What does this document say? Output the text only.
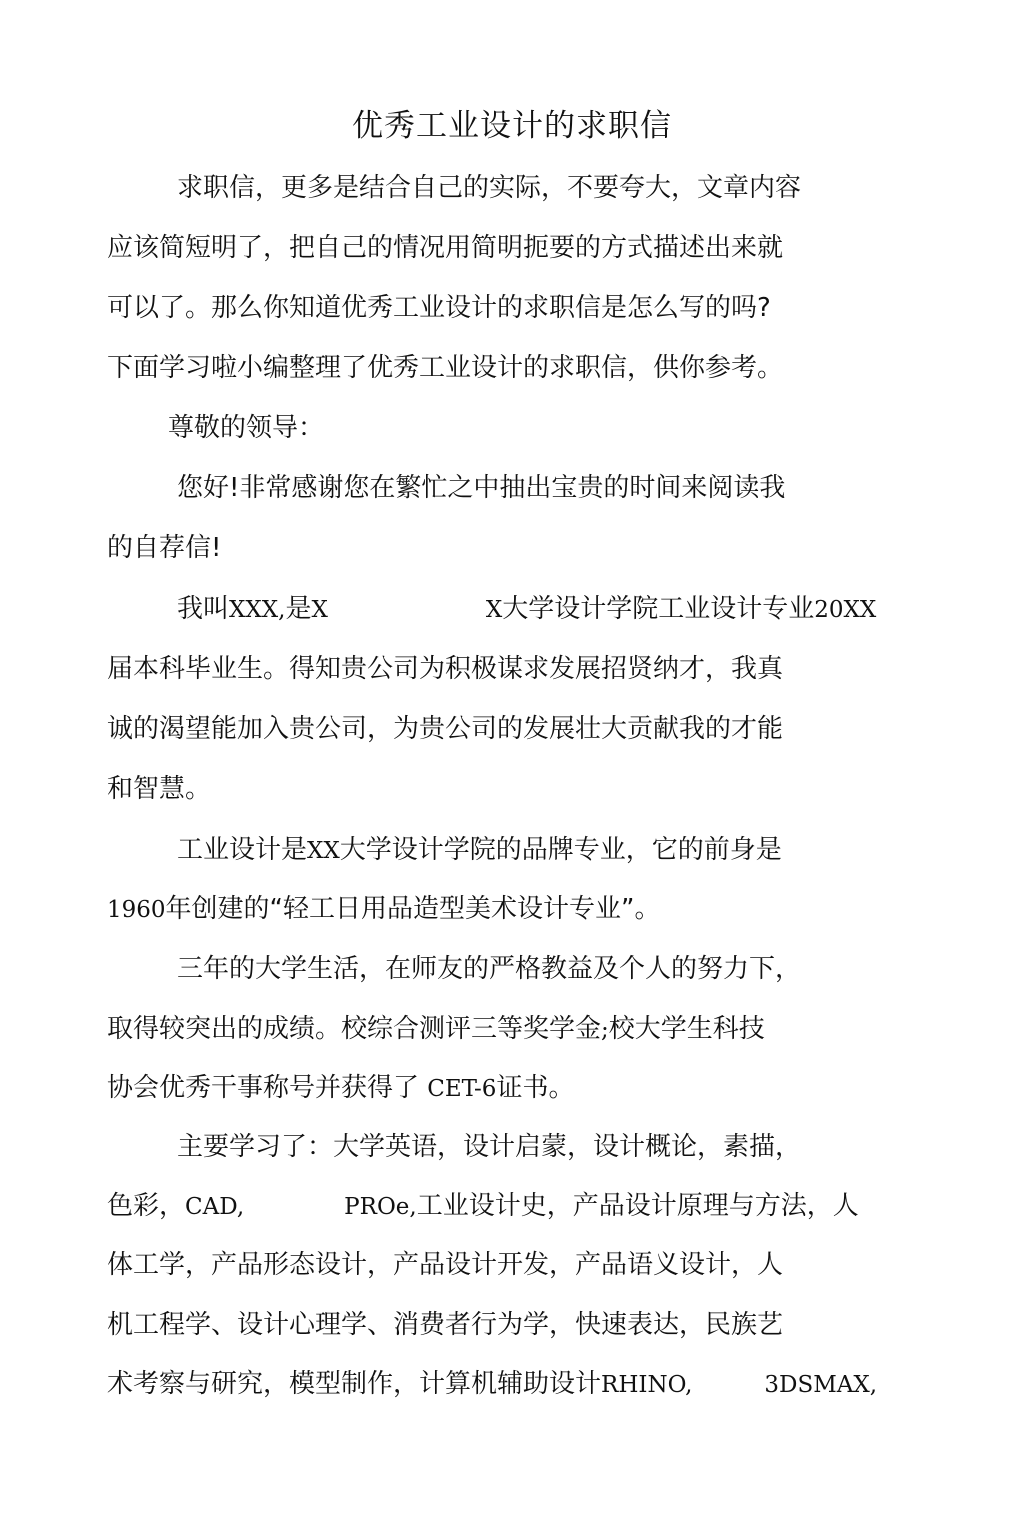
优秀工业设计的求职信
求职信，更多是结合自己的实际，不要夸大，文章内容
应该简短明了，把自己的情况用简明扼要的方式描述出来就
可以了。那么你知道优秀工业设计的求职信是怎么写的吗?
下面学习啦小编整理了优秀工业设计的求职信，供你参考。
尊敬的领导：
您好!非常感谢您在繁忙之中抽出宝贵的时间来阅读我
的自荐信!
我叫XXX,是X	X大学设计学院工业设计专业20XX
届本科毕业生。得知贵公司为积极谋求发展招贤纳才，我真
诚的渴望能加入贵公司，为贵公司的发展壮大贡献我的才能
和智慧。
工业设计是XX大学设计学院的品牌专业，它的前身是
1960年创建的“轻工日用品造型美术设计专业”。
三年的大学生活，在师友的严格教益及个人的努力下，
取得较突出的成绩。校综合测评三等奖学金;校大学生科技
协会优秀干事称号并获得了 CET-6证书。
主要学习了：大学英语，设计启蒙，设计概论，素描，
色彩，CAD,	PROe,工业设计史，产品设计原理与方法，人
体工学，产品形态设计，产品设计开发，产品语义设计，人
机工程学、设计心理学、消费者行为学，快速表达，民族艺
术考察与研究，模型制作，计算机辅助设计RHINO,	3DSMAX,
